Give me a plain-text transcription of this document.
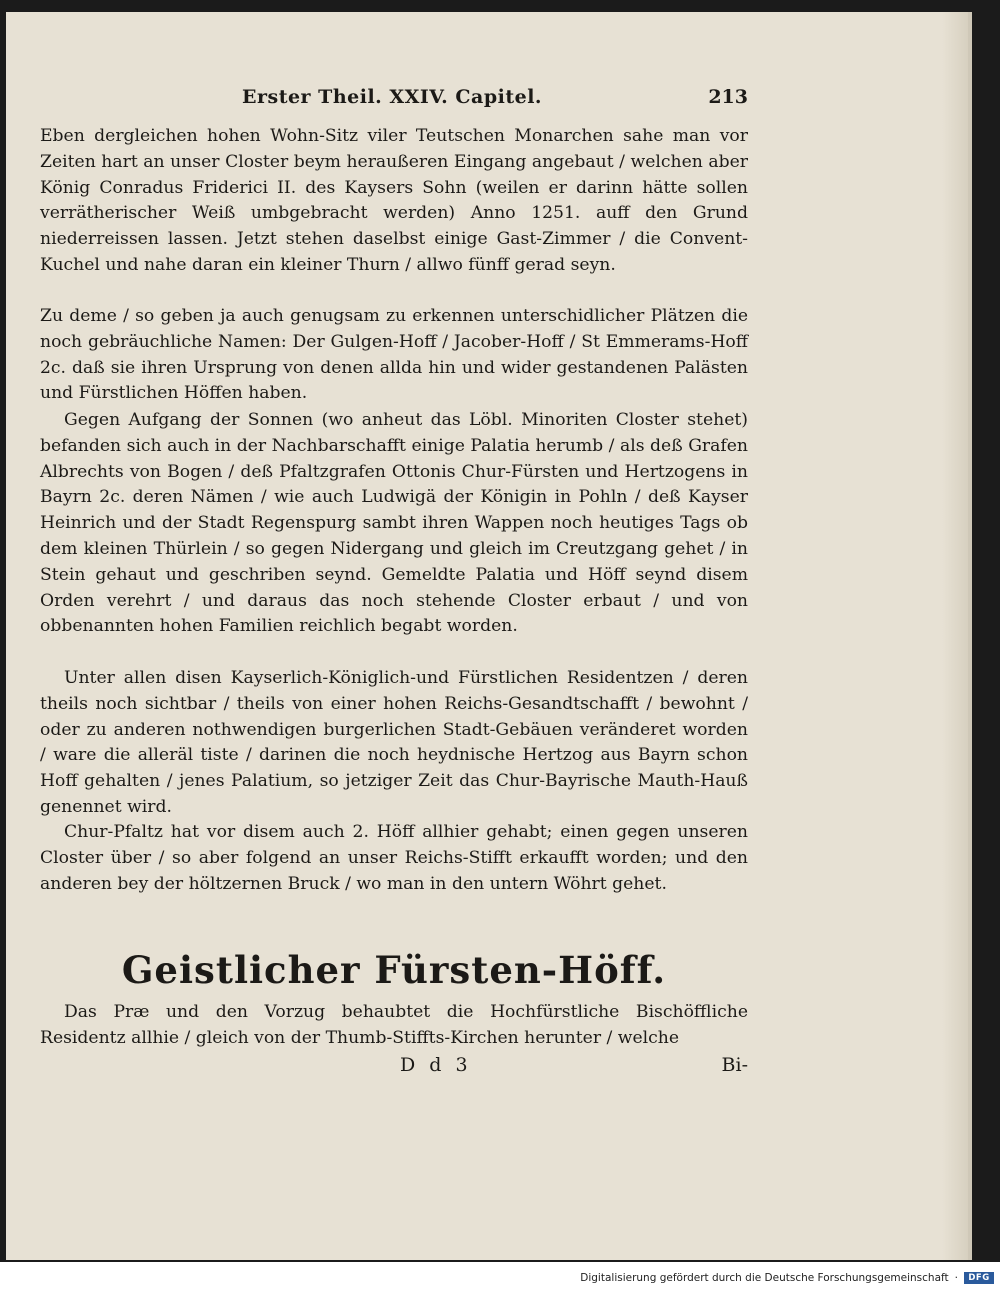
Erster Theil. XXIV. Capitel.	213

Eben dergleichen hohen Wohn-Sitz viler Teutschen Monarchen sahe man vor Zeiten hart an unser Closter beym heraußeren Eingang angebaut / welchen aber König Conradus Friderici II. des Kaysers Sohn (weilen er darinn hätte sollen verrätherischer Weiß umbgebracht werden) Anno 1251. auff den Grund niederreissen lassen. Jetzt stehen daselbst einige Gast-Zimmer / die Convent-Kuchel und nahe daran ein kleiner Thurn / allwo fünff gerad seyn.

Zu deme / so geben ja auch genugsam zu erkennen unterschidlicher Plätzen die noch gebräuchliche Namen: Der Gulgen-Hoff / Jacober-Hoff / St Emmerams-Hoff 2c. daß sie ihren Ursprung von denen allda hin und wider gestandenen Palästen und Fürstlichen Höffen haben.

Gegen Aufgang der Sonnen (wo anheut das Löbl. Minoriten Closter stehet) befanden sich auch in der Nachbarschafft einige Palatia herumb / als deß Grafen Albrechts von Bogen / deß Pfaltzgrafen Ottonis Chur-Fürsten und Hertzogens in Bayrn 2c. deren Nämen / wie auch Ludwigä der Königin in Pohln / deß Kayser Heinrich und der Stadt Regenspurg sambt ihren Wappen noch heutiges Tags ob dem kleinen Thürlein / so gegen Nidergang und gleich im Creutzgang gehet / in Stein gehaut und geschriben seynd. Gemeldte Palatia und Höff seynd disem Orden verehrt / und daraus das noch stehende Closter erbaut / und von obbenannten hohen Familien reichlich begabt worden.

Unter allen disen Kayserlich-Königlich-und Fürstlichen Residentzen / deren theils noch sichtbar / theils von einer hohen Reichs-Gesandtschafft / bewohnt / oder zu anderen nothwendigen burgerlichen Stadt-Gebäuen veränderet worden / ware die alleräl tiste / darinen die noch heydnische Hertzog aus Bayrn schon Hoff gehalten / jenes Palatium, so jetziger Zeit das Chur-Bayrische Mauth-Hauß genennet wird.

Chur-Pfaltz hat vor disem auch 2. Höff allhier gehabt; einen gegen unseren Closter über / so aber folgend an unser Reichs-Stifft erkaufft worden; und den anderen bey der höltzernen Bruck / wo man in den untern Wöhrt gehet.

Geistlicher Fürsten-Höff.

Das Præ und den Vorzug behaubtet die Hochfürstliche Bischöffliche Residentz allhie / gleich von der Thumb-Stiffts-Kirchen herunter / welche

D d 3	Bi-
Digitalisierung gefördert durch die Deutsche Forschungsgemeinschaft ·	DFG
